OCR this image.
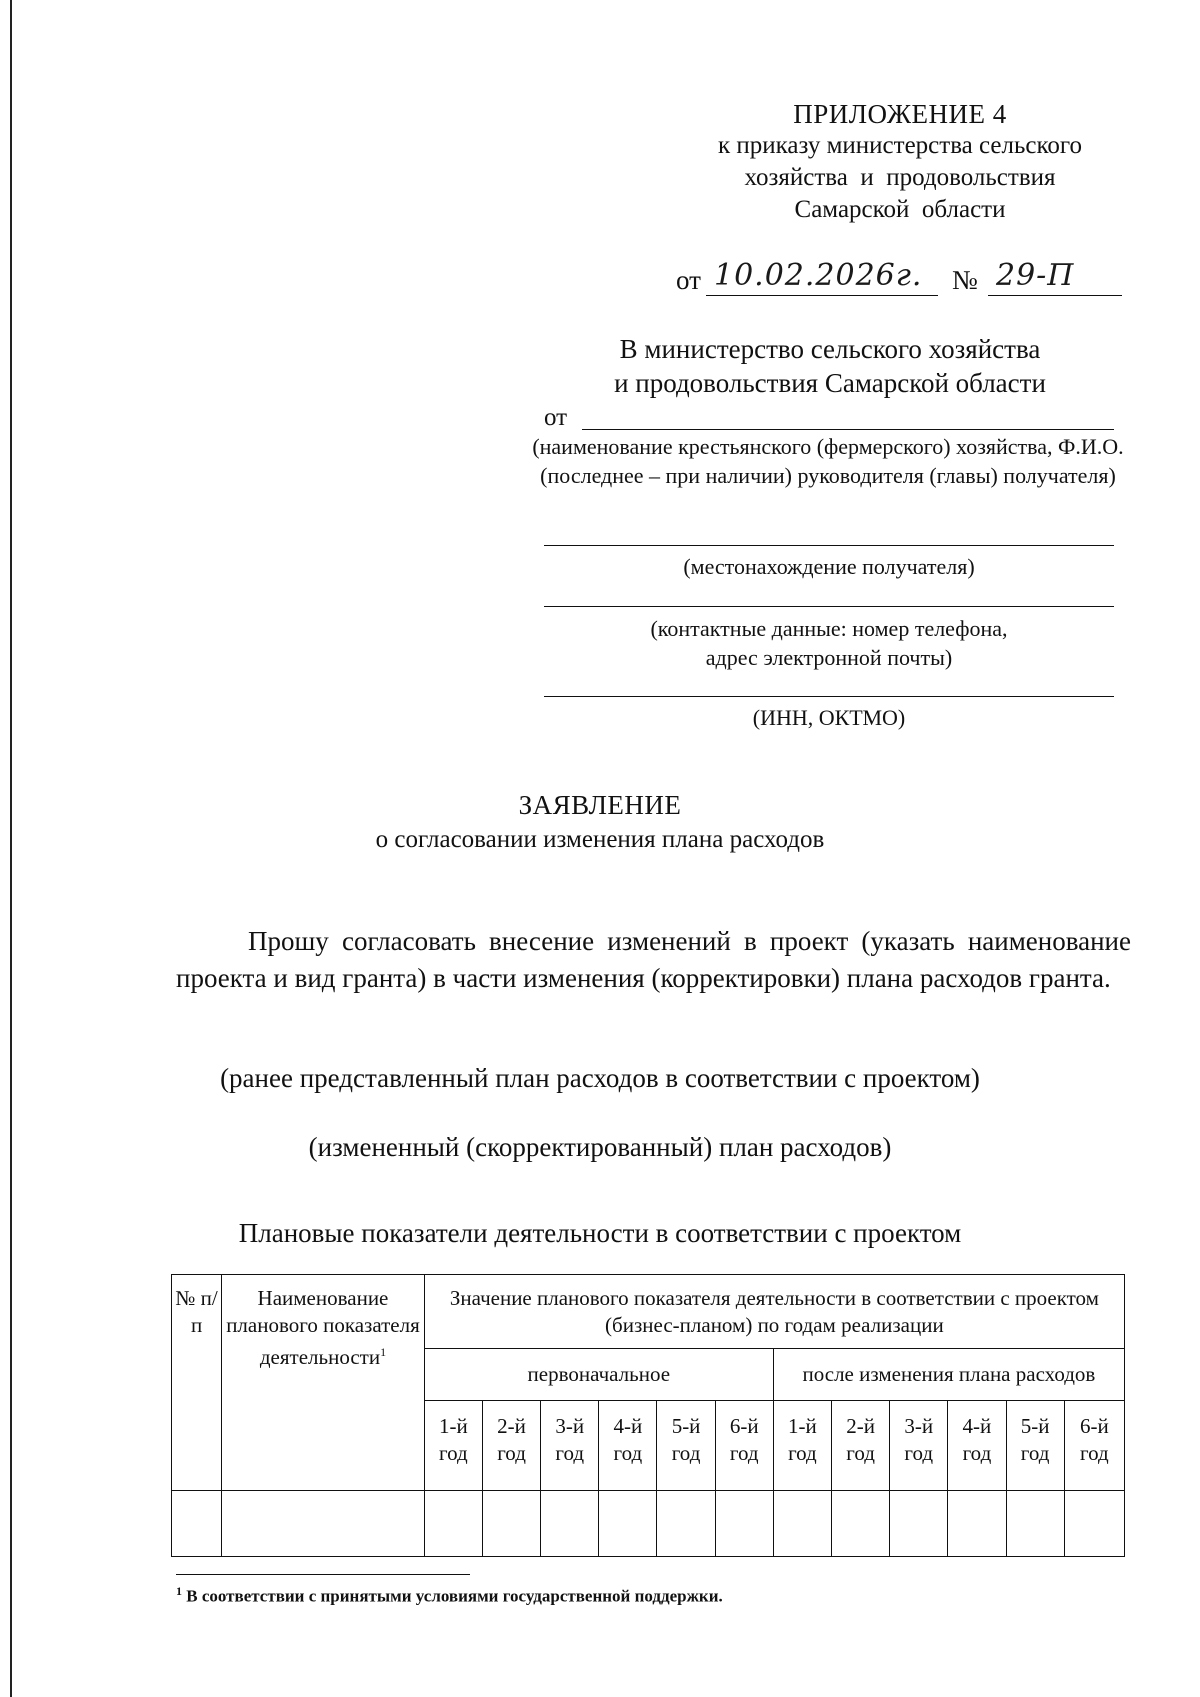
ПРИЛОЖЕНИЕ 4
к приказу министерства сельского
хозяйства  и  продовольствия
Самарской  области
от 10.02.2026г. № 29-П
В министерство сельского хозяйства
и продовольствия Самарской области
от
(наименование крестьянского (фермерского) хозяйства, Ф.И.О. (последнее – при наличии) руководителя (главы) получателя)
(местонахождение получателя)
(контактные данные: номер телефона,
адрес электронной почты)
(ИНН, ОКТМО)
ЗАЯВЛЕНИЕ
о согласовании изменения плана расходов
Прошу согласовать внесение изменений в проект (указать наименование проекта и вид гранта) в части изменения (корректировки) плана расходов гранта.
(ранее представленный план расходов в соответствии с проектом)
(измененный (скорректированный) план расходов)
Плановые показатели деятельности в соответствии с проектом
№ п/п	Наименование планового показателя деятельности$^1$	Значение планового показателя деятельности в соответствии с проектом (бизнес-планом) по годам реализации											
		первоначальное						после изменения плана расходов					
		1-й год	2-й год	3-й год	4-й год	5-й год	6-й год	1-й год	2-й год	3-й год	4-й год	5-й год	6-й год

$^1$ В соответствии с принятыми условиями государственной поддержки.
